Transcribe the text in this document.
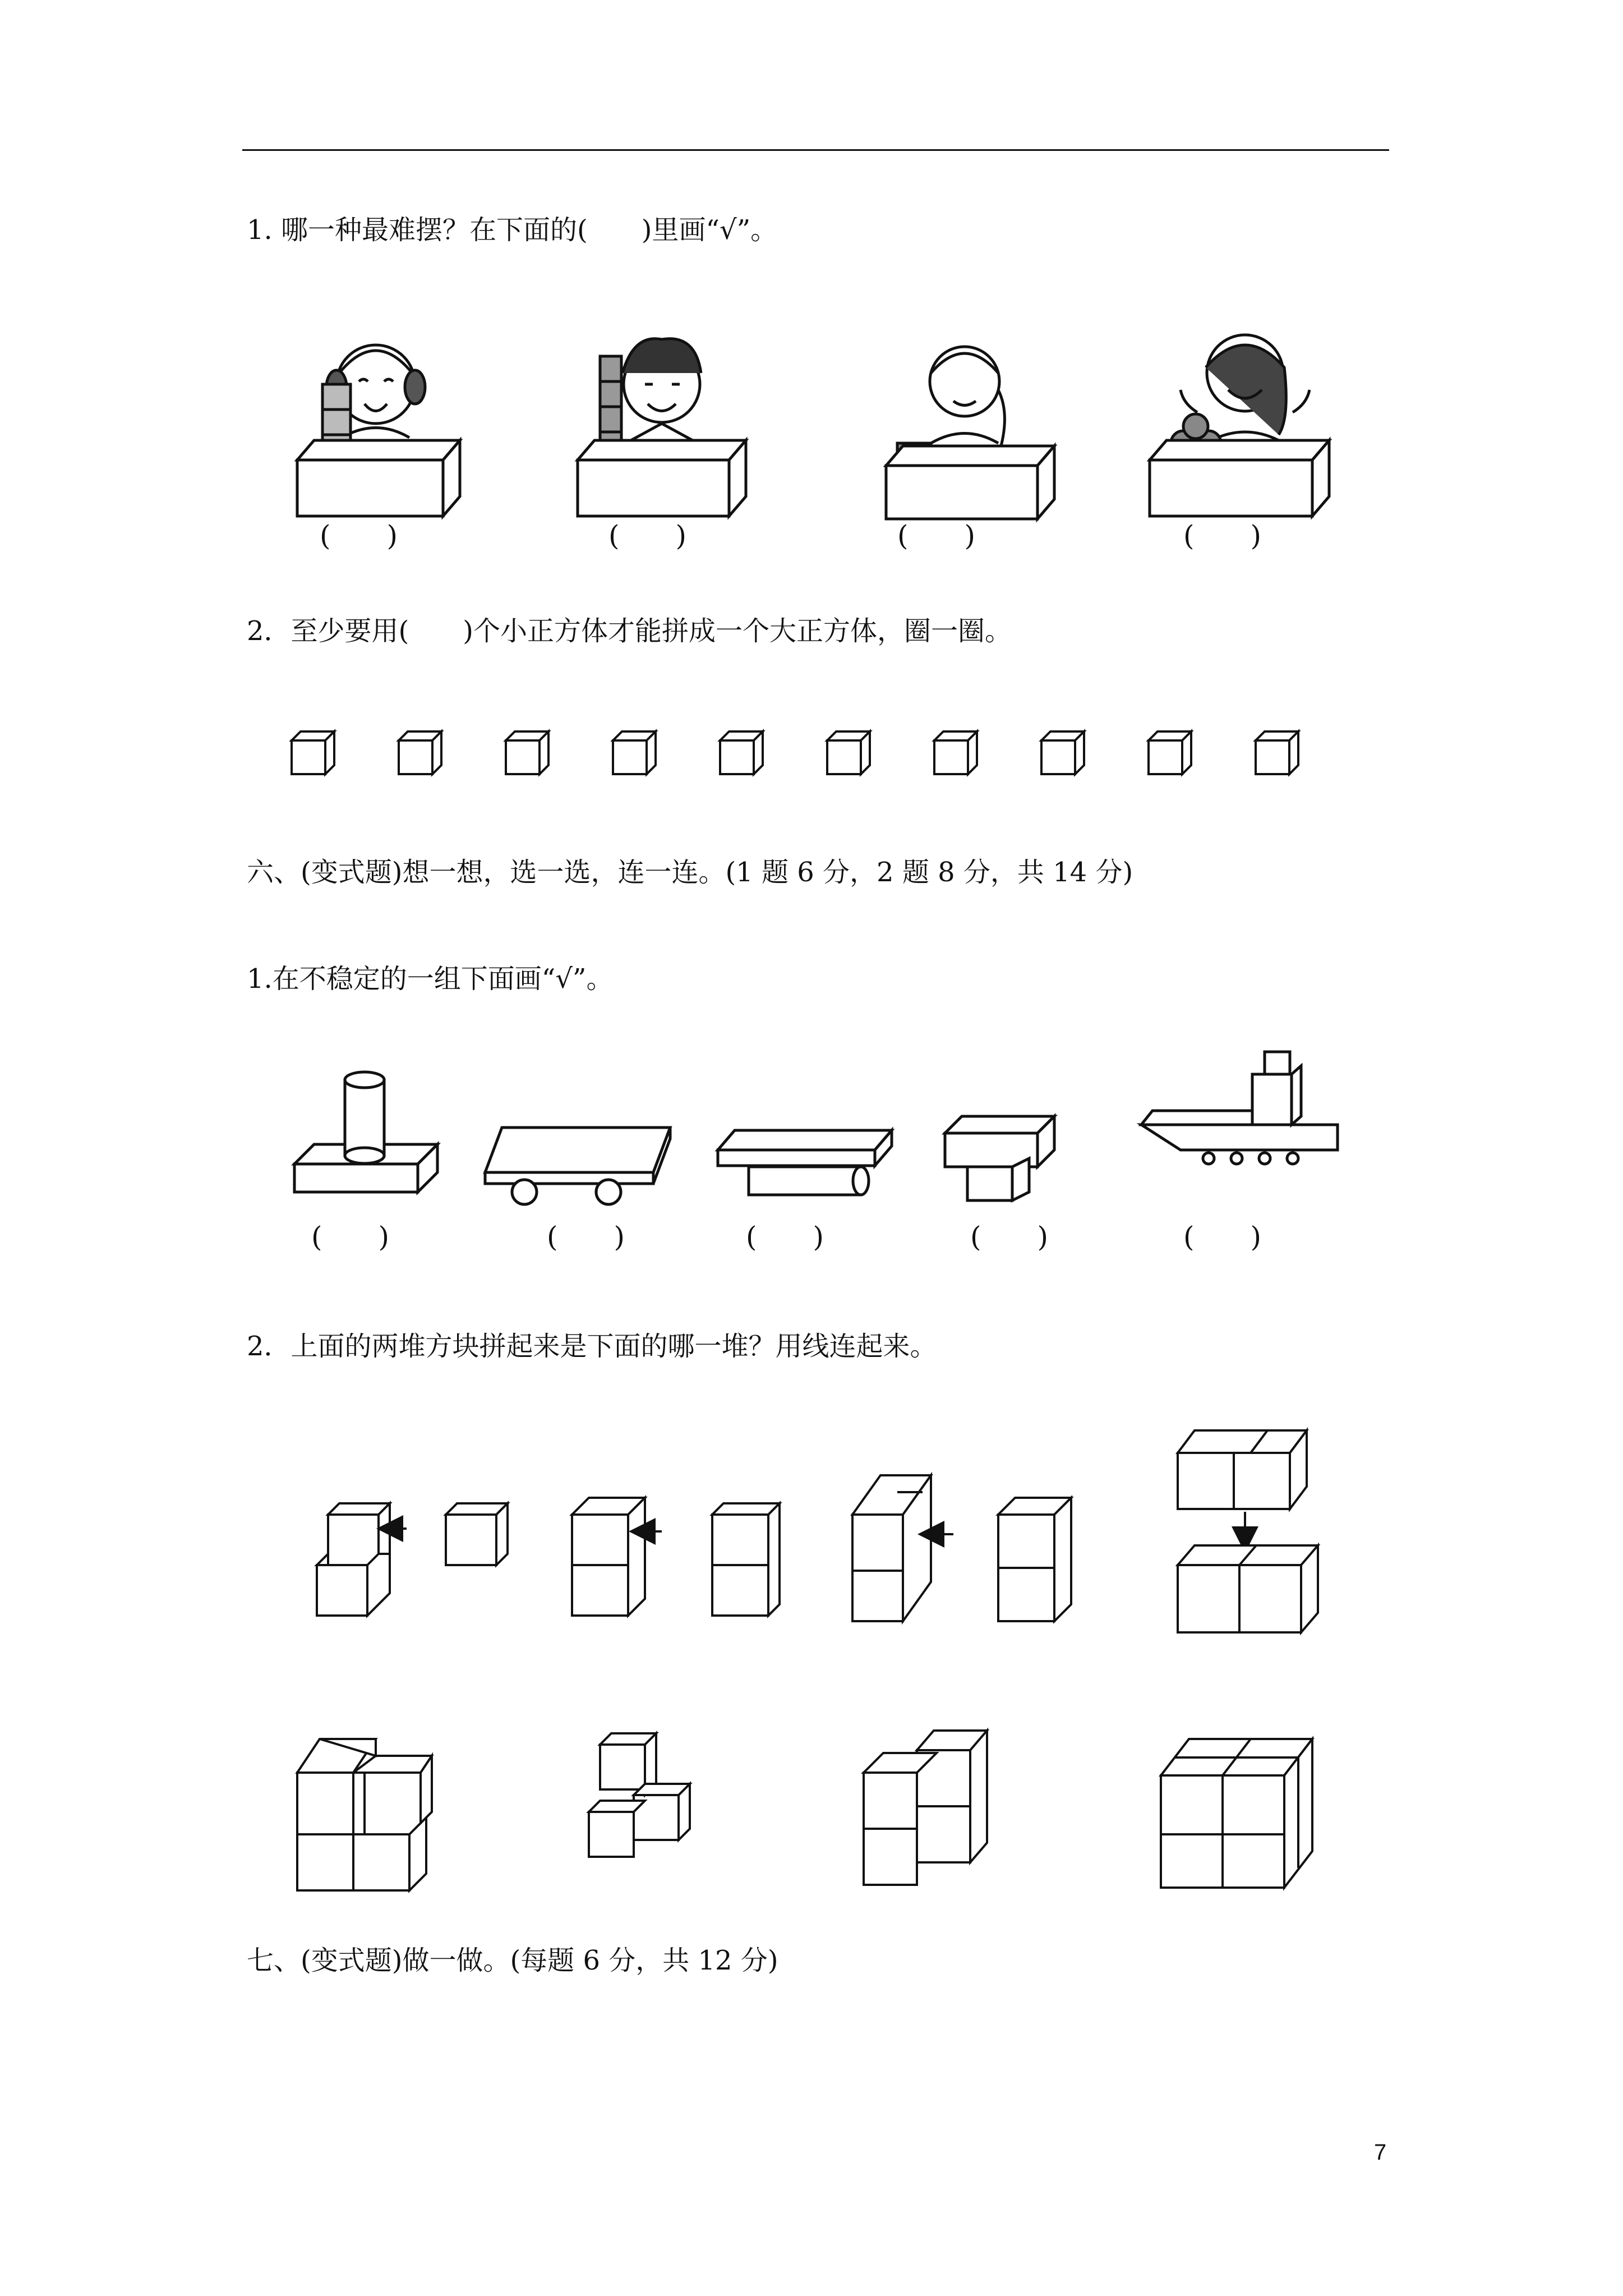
1. 哪一种最难摆？在下面的(　　)里画“√”。
(　　)	(　　)	(　　)	(　　)
2．至少要用(　　)个小正方体才能拼成一个大正方体，圈一圈。
六、(变式题)想一想，选一选，连一连。(1 题 6 分，2 题 8 分，共 14 分)
1.在不稳定的一组下面画“√”。
(　　)	(　　)	(　　)	(　　)	(　　)
2．上面的两堆方块拼起来是下面的哪一堆？用线连起来。
七、(变式题)做一做。(每题 6 分，共 12 分)
7
